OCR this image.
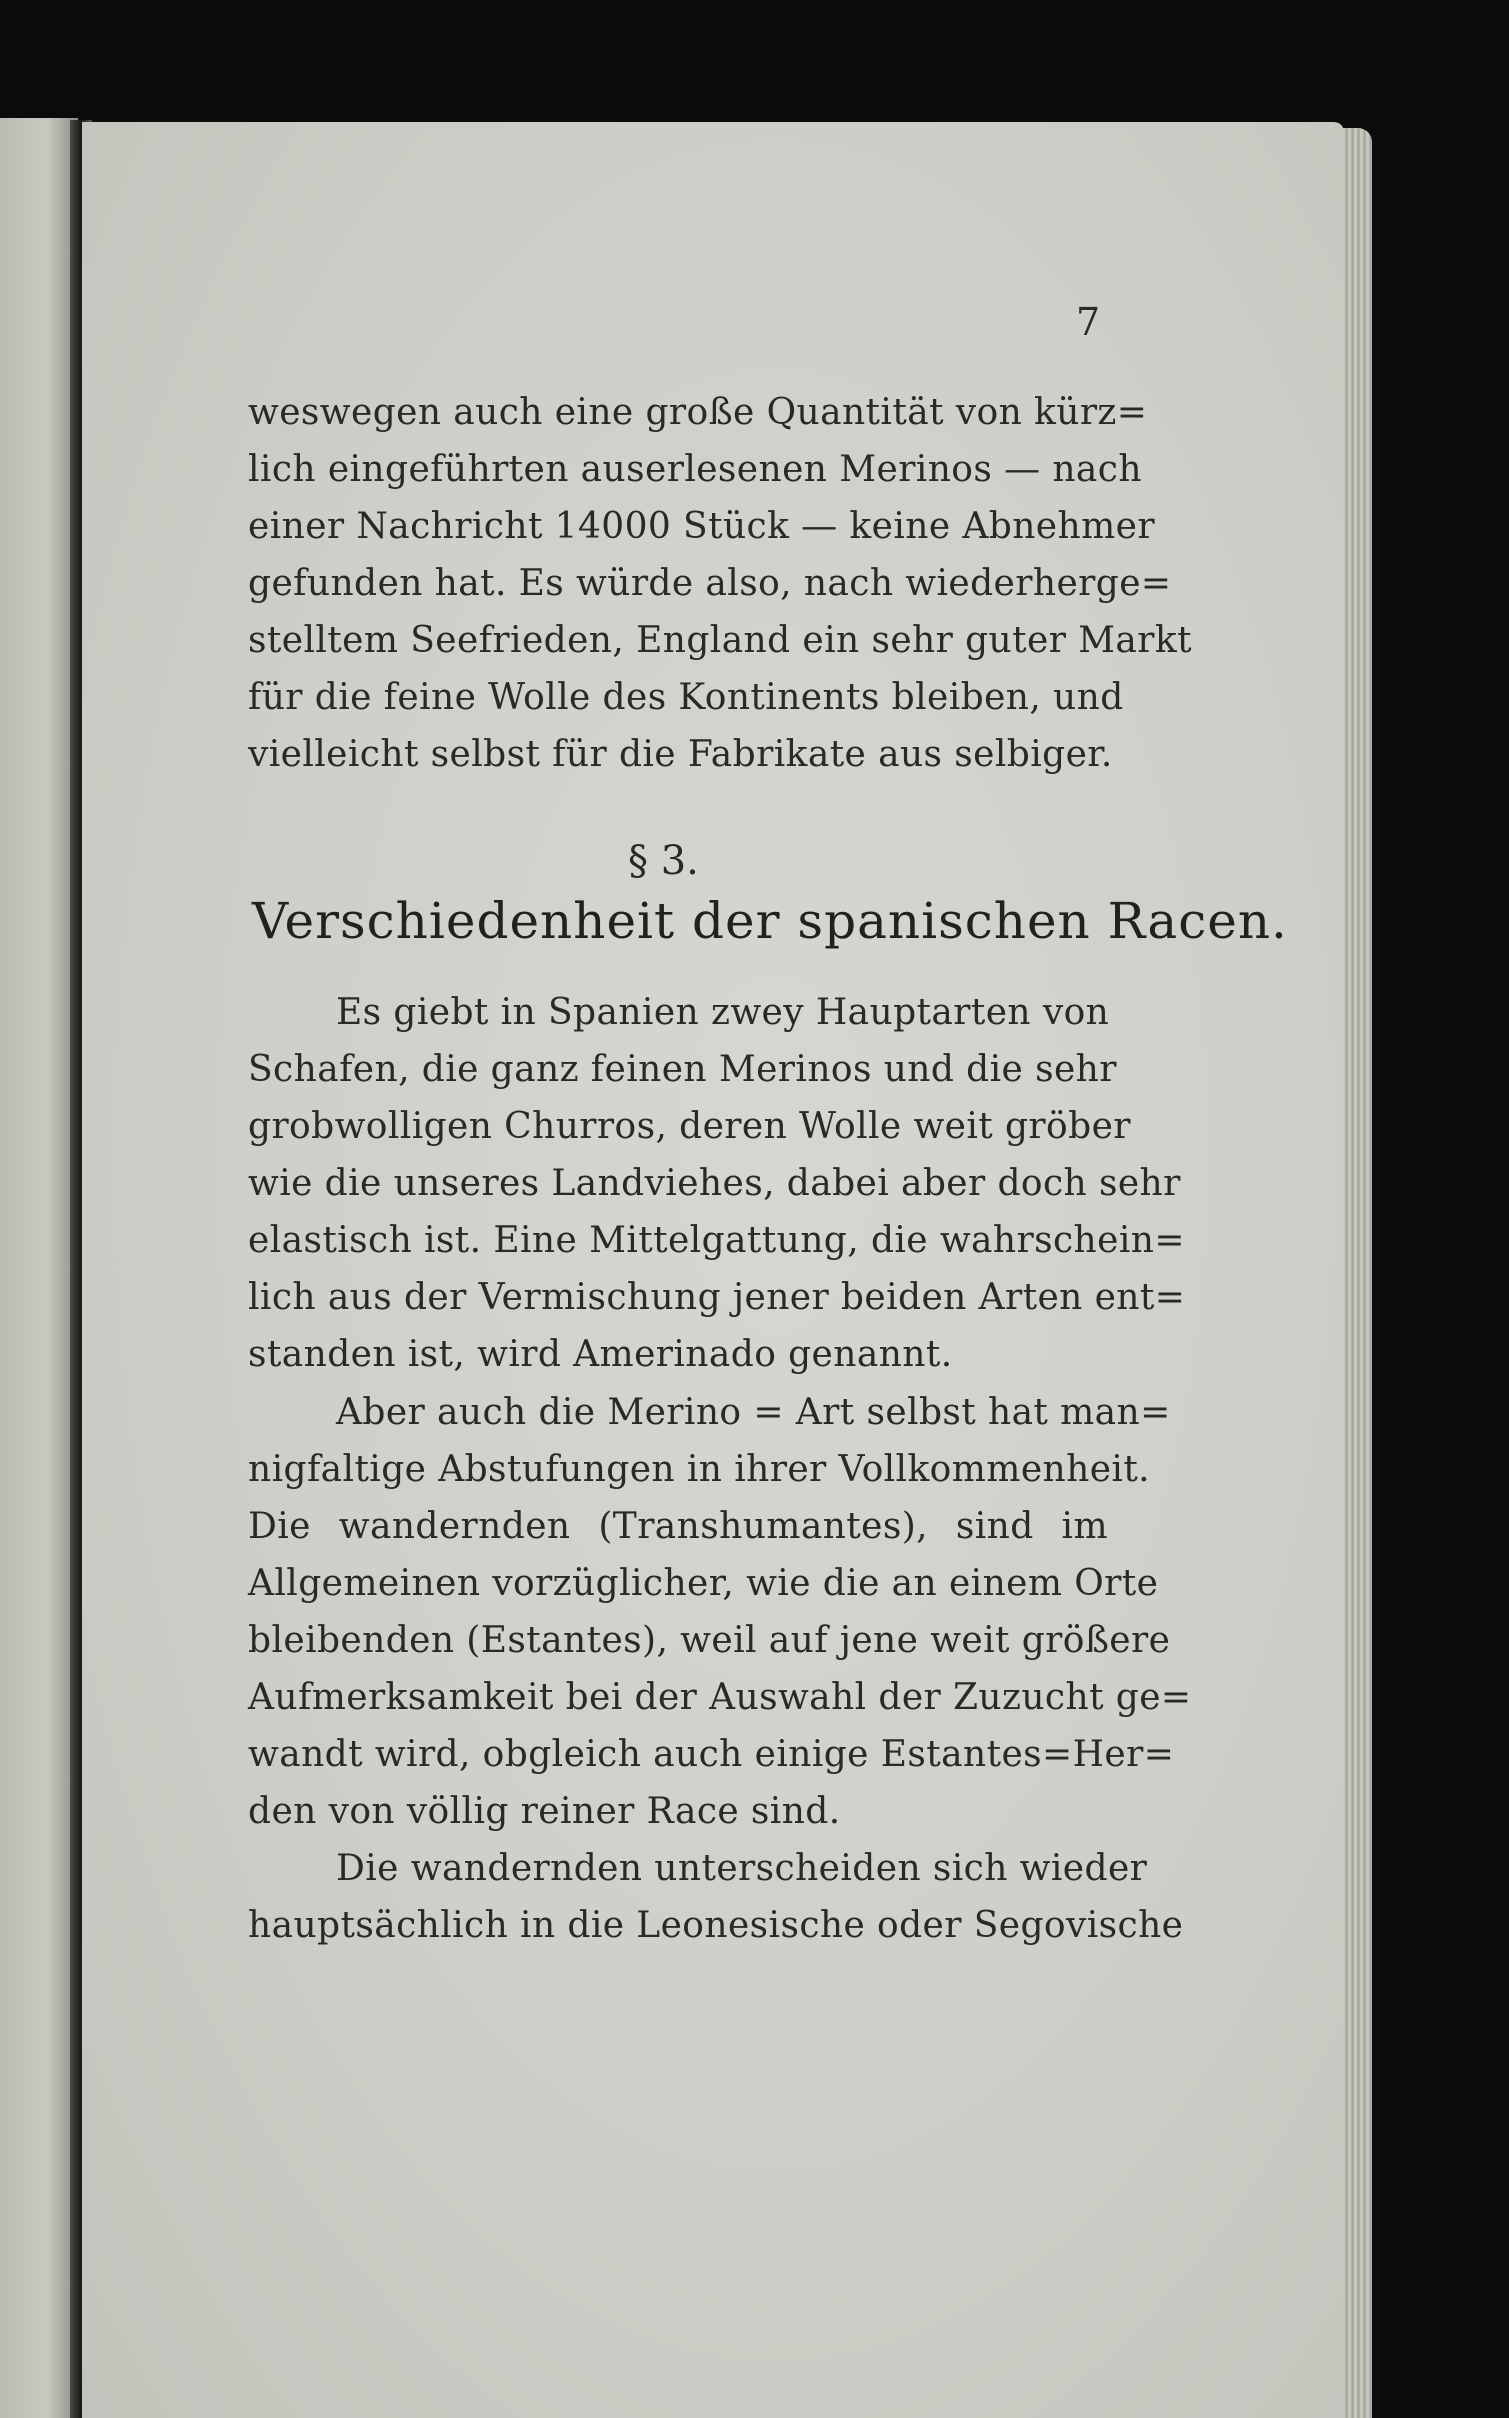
7
weswegen auch eine große Quantität von kürz=
lich eingeführten auserlesenen Merinos — nach
einer Nachricht 14000 Stück — keine Abnehmer
gefunden hat. Es würde also, nach wiederherge=
stelltem Seefrieden, England ein sehr guter Markt
für die feine Wolle des Kontinents bleiben, und
vielleicht selbst für die Fabrikate aus selbiger.
§ 3.
Verschiedenheit der spanischen Racen.
Es giebt in Spanien zwey Hauptarten von
Schafen, die ganz feinen Merinos und die sehr
grobwolligen Churros, deren Wolle weit gröber
wie die unseres Landviehes, dabei aber doch sehr
elastisch ist. Eine Mittelgattung, die wahrschein=
lich aus der Vermischung jener beiden Arten ent=
standen ist, wird Amerinado genannt.
Aber auch die Merino = Art selbst hat man=
nigfaltige Abstufungen in ihrer Vollkommenheit.
Die wandernden (Transhumantes), sind im
Allgemeinen vorzüglicher, wie die an einem Orte
bleibenden (Estantes), weil auf jene weit größere
Aufmerksamkeit bei der Auswahl der Zuzucht ge=
wandt wird, obgleich auch einige Estantes=Her=
den von völlig reiner Race sind.
Die wandernden unterscheiden sich wieder
hauptsächlich in die Leonesische oder Segovische
